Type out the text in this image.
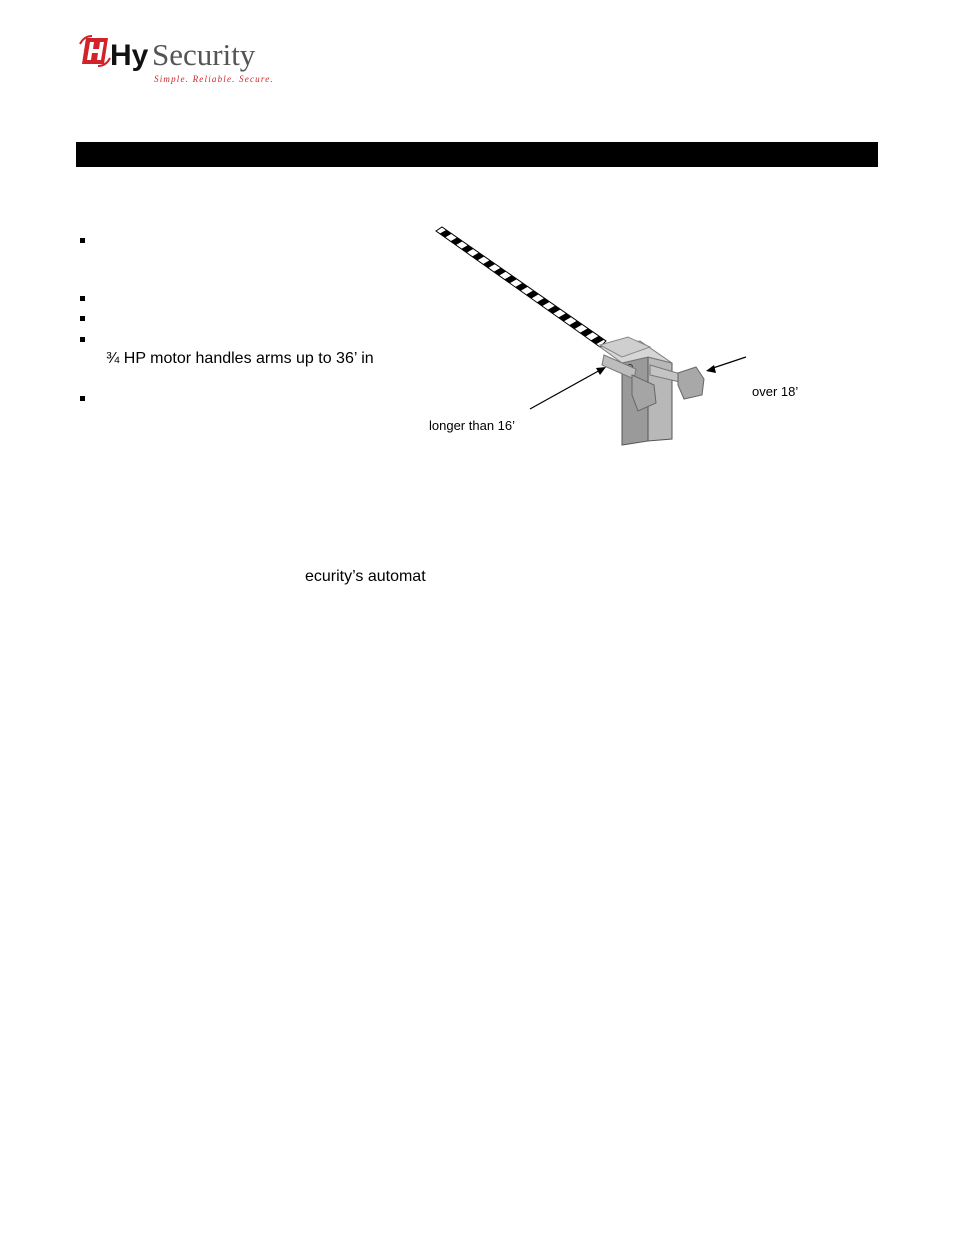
Hy Security
Simple. Reliable. Secure.
¾ HP motor handles arms up to 36’ in
ecurity’s automat
longer than 16’
over 18’
